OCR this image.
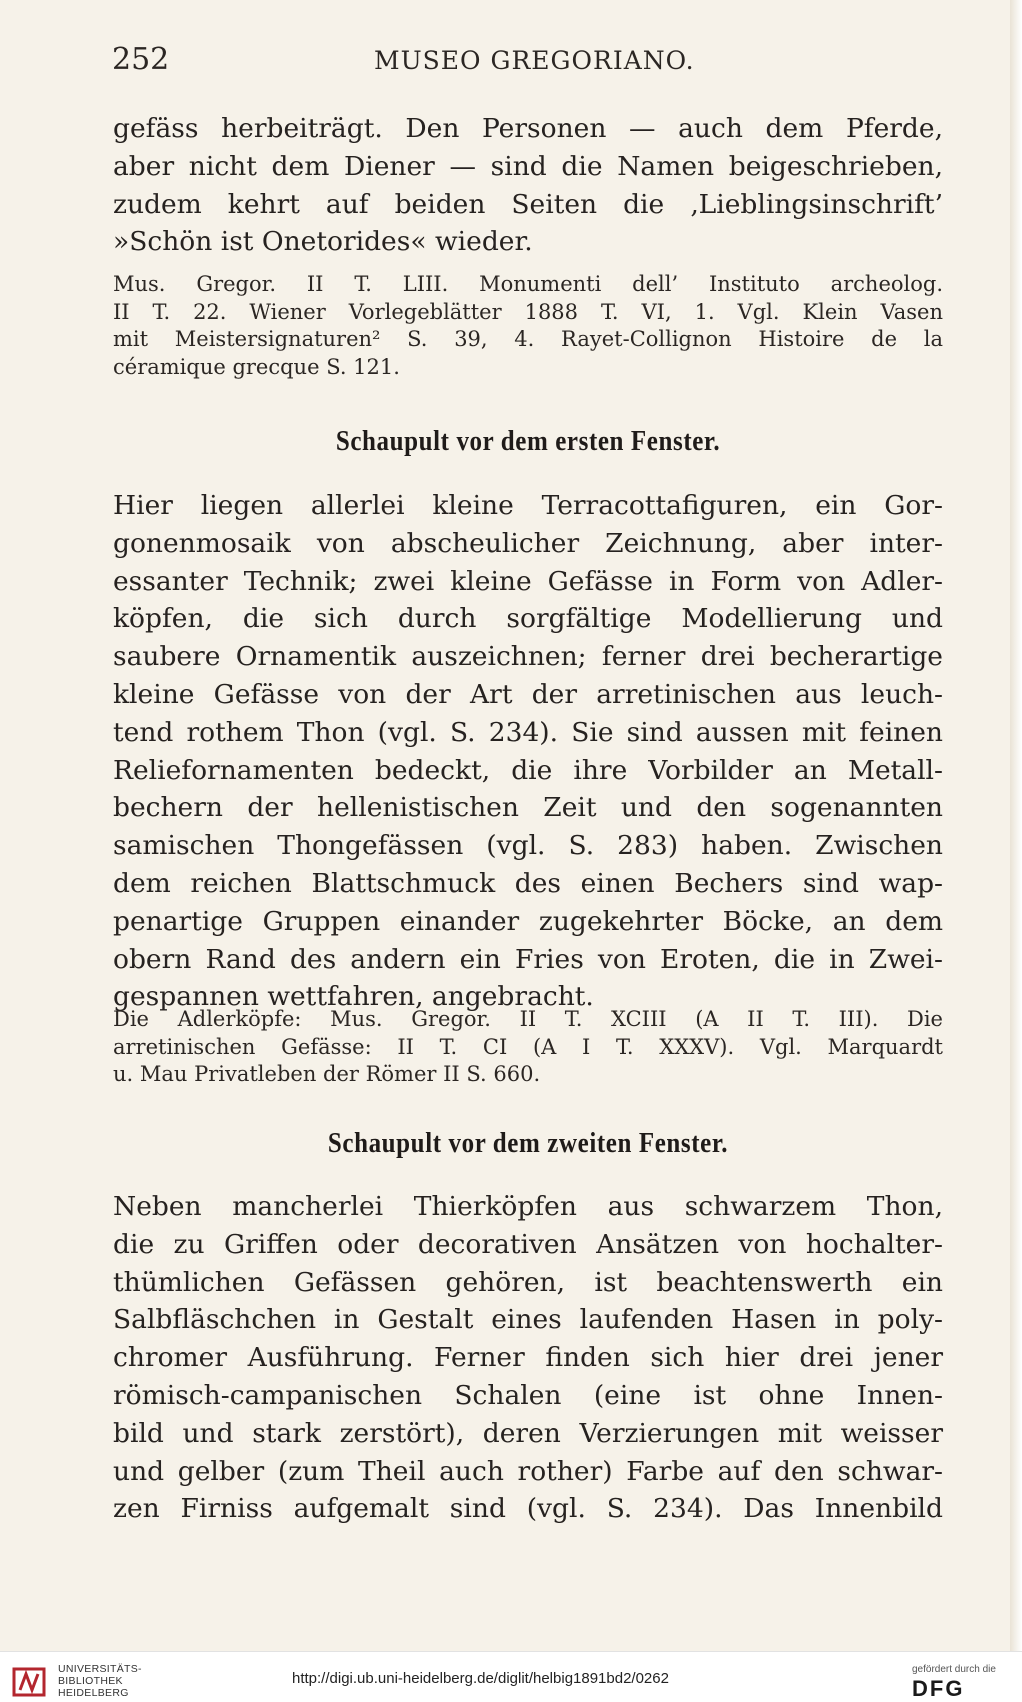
252	MUSEO GREGORIANO.
gefäss herbeiträgt. Den Personen — auch dem Pferde,
aber nicht dem Diener — sind die Namen beigeschrieben,
zudem kehrt auf beiden Seiten die ‚Lieblingsinschrift’
»Schön ist Onetorides« wieder.
Mus. Gregor. II T. LIII. Monumenti dell’ Instituto archeolog.
II T. 22. Wiener Vorlegeblätter 1888 T. VI, 1. Vgl. Klein Vasen
mit Meistersignaturen² S. 39, 4. Rayet-Collignon Histoire de la
céramique grecque S. 121.
Schaupult vor dem ersten Fenster.
Hier liegen allerlei kleine Terracottafiguren, ein Gor-
gonenmosaik von abscheulicher Zeichnung, aber inter-
essanter Technik; zwei kleine Gefässe in Form von Adler-
köpfen, die sich durch sorgfältige Modellierung und
saubere Ornamentik auszeichnen; ferner drei becherartige
kleine Gefässe von der Art der arretinischen aus leuch-
tend rothem Thon (vgl. S. 234). Sie sind aussen mit feinen
Reliefornamenten bedeckt, die ihre Vorbilder an Metall-
bechern der hellenistischen Zeit und den sogenannten
samischen Thongefässen (vgl. S. 283) haben. Zwischen
dem reichen Blattschmuck des einen Bechers sind wap-
penartige Gruppen einander zugekehrter Böcke, an dem
obern Rand des andern ein Fries von Eroten, die in Zwei-
gespannen wettfahren, angebracht.
Die Adlerköpfe: Mus. Gregor. II T. XCIII (A II T. III). Die
arretinischen Gefässe: II T. CI (A I T. XXXV). Vgl. Marquardt
u. Mau Privatleben der Römer II S. 660.
Schaupult vor dem zweiten Fenster.
Neben mancherlei Thierköpfen aus schwarzem Thon,
die zu Griffen oder decorativen Ansätzen von hochalter-
thümlichen Gefässen gehören, ist beachtenswerth ein
Salbfläschchen in Gestalt eines laufenden Hasen in poly-
chromer Ausführung. Ferner finden sich hier drei jener
römisch-campanischen Schalen (eine ist ohne Innen-
bild und stark zerstört), deren Verzierungen mit weisser
und gelber (zum Theil auch rother) Farbe auf den schwar-
zen Firniss aufgemalt sind (vgl. S. 234). Das Innenbild
UNIVERSITÄTS-
BIBLIOTHEK
HEIDELBERG
http://digi.ub.uni-heidelberg.de/diglit/helbig1891bd2/0262
gefördert durch die
DFG
